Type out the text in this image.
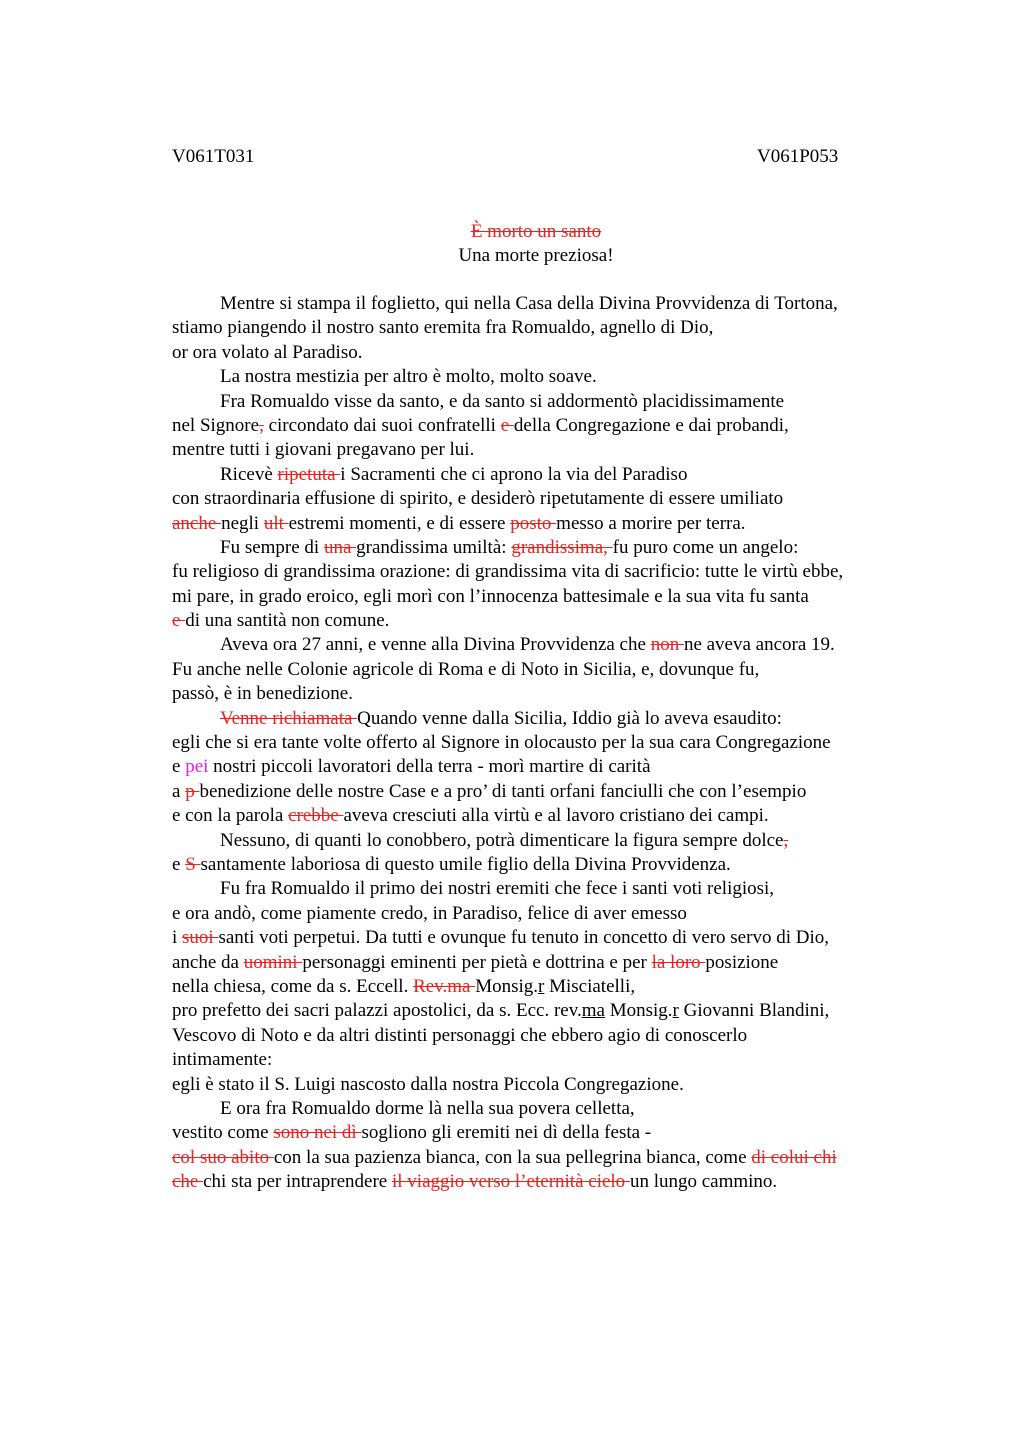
V061T031	V061P053
È morto un santo
Una morte preziosa!
Mentre si stampa il foglietto, qui nella Casa della Divina Provvidenza di Tortona,
stiamo piangendo il nostro santo eremita fra Romualdo, agnello di Dio,
or ora volato al Paradiso.
La nostra mestizia per altro è molto, molto soave.
Fra Romualdo visse da santo, e da santo si addormentò placidissimamente
nel Signore, circondato dai suoi confratelli e della Congregazione e dai probandi,
mentre tutti i giovani pregavano per lui.
Ricevè ripetuta i Sacramenti che ci aprono la via del Paradiso
con straordinaria effusione di spirito, e desiderò ripetutamente di essere umiliato
anche negli ult estremi momenti, e di essere posto messo a morire per terra.
Fu sempre di una grandissima umiltà: grandissima, fu puro come un angelo:
fu religioso di grandissima orazione: di grandissima vita di sacrificio: tutte le virtù ebbe,
mi pare, in grado eroico, egli morì con l’innocenza battesimale e la sua vita fu santa
e di una santità non comune.
Aveva ora 27 anni, e venne alla Divina Provvidenza che non ne aveva ancora 19.
Fu anche nelle Colonie agricole di Roma e di Noto in Sicilia, e, dovunque fu,
passò, è in benedizione.
Venne richiamata Quando venne dalla Sicilia, Iddio già lo aveva esaudito:
egli che si era tante volte offerto al Signore in olocausto per la sua cara Congregazione
e pei nostri piccoli lavoratori della terra - morì martire di carità
a p benedizione delle nostre Case e a pro’ di tanti orfani fanciulli che con l’esempio
e con la parola crebbe aveva cresciuti alla virtù e al lavoro cristiano dei campi.
Nessuno, di quanti lo conobbero, potrà dimenticare la figura sempre dolce,
e S santamente laboriosa di questo umile figlio della Divina Provvidenza.
Fu fra Romualdo il primo dei nostri eremiti che fece i santi voti religiosi,
e ora andò, come piamente credo, in Paradiso, felice di aver emesso
i suoi santi voti perpetui. Da tutti e ovunque fu tenuto in concetto di vero servo di Dio,
anche da uomini personaggi eminenti per pietà e dottrina e per la loro posizione
nella chiesa, come da s. Eccell. Rev.ma Monsig.r Misciatelli,
pro prefetto dei sacri palazzi apostolici, da s. Ecc. rev.ma Monsig.r Giovanni Blandini,
Vescovo di Noto e da altri distinti personaggi che ebbero agio di conoscerlo
intimamente:
egli è stato il S. Luigi nascosto dalla nostra Piccola Congregazione.
E ora fra Romualdo dorme là nella sua povera celletta,
vestito come sono nei dì sogliono gli eremiti nei dì della festa -
col suo abito con la sua pazienza bianca, con la sua pellegrina bianca, come di colui chi
che chi sta per intraprendere il viaggio verso l’eternità cielo un lungo cammino.
